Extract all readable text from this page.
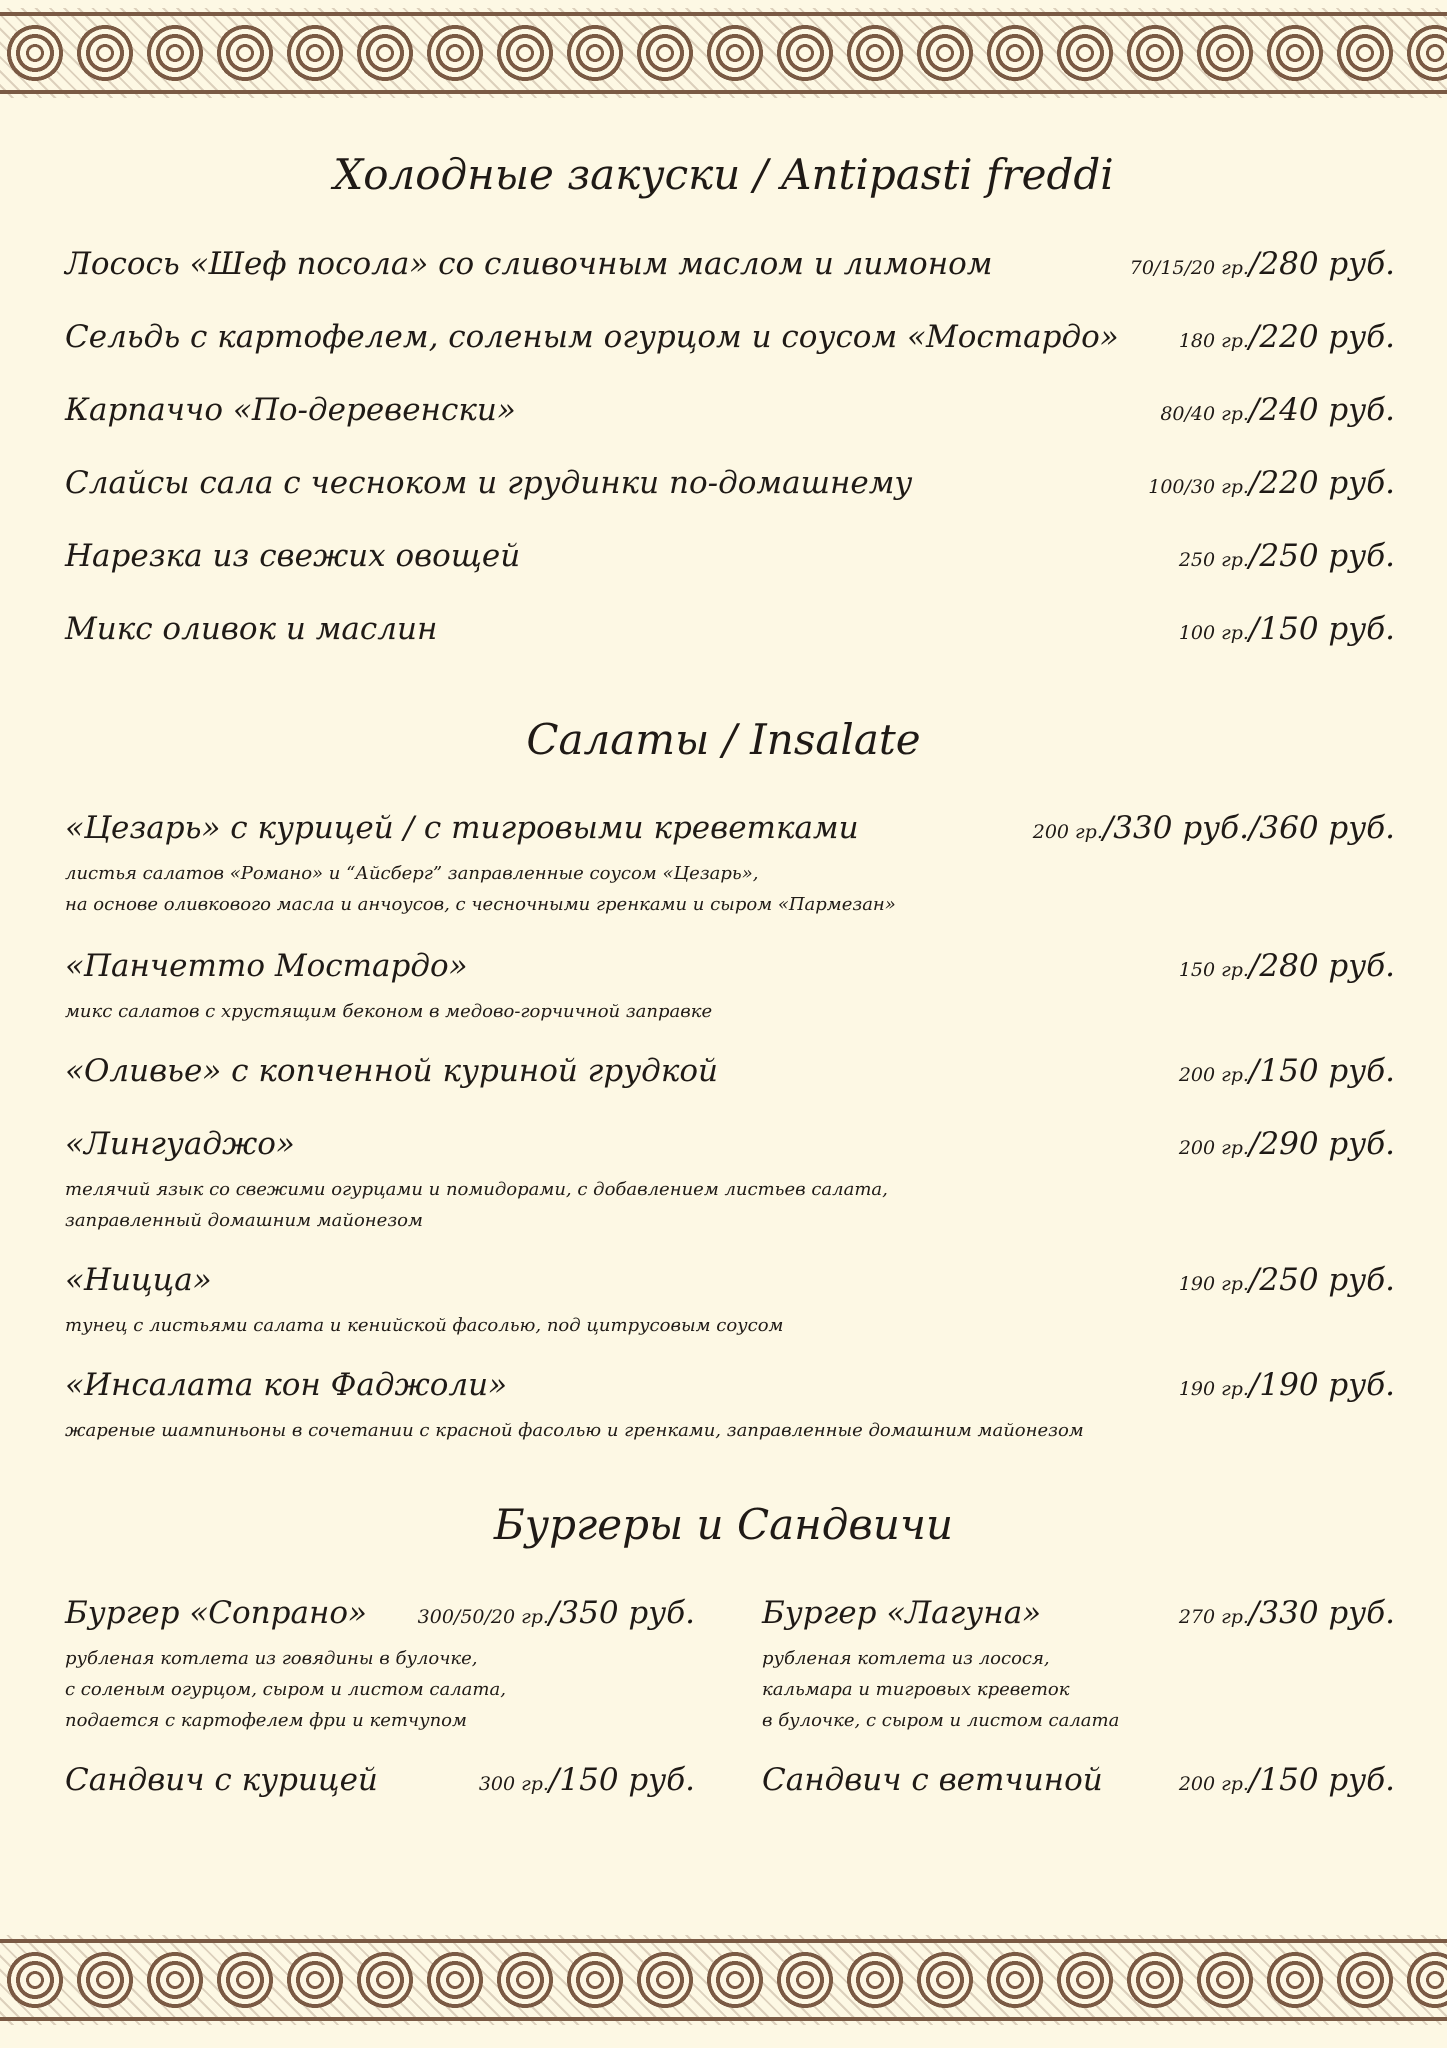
Холодные закуски / Antipasti freddi
Лосось «Шеф посола» со сливочным маслом и лимоном	70/15/20 гр./280 руб.
Сельдь с картофелем, соленым огурцом и соусом «Мостардо»	180 гр./220 руб.
Карпаччо «По-деревенски»	80/40 гр./240 руб.
Слайсы сала с чесноком и грудинки по-домашнему	100/30 гр./220 руб.
Нарезка из свежих овощей	250 гр./250 руб.
Микс оливок и маслин	100 гр./150 руб.
Салаты / Insalate
«Цезарь» с курицей / с тигровыми креветками	200 гр./330 руб./360 руб.
листья салатов «Романо» и “Айсберг” заправленные соусом «Цезарь»,
на основе оливкового масла и анчоусов, с чесночными гренками и сыром «Пармезан»
«Панчетто Мостардо»	150 гр./280 руб.
микс салатов с хрустящим беконом в медово-горчичной заправке
«Оливье» с копченной куриной грудкой	200 гр./150 руб.
«Лингуаджо»	200 гр./290 руб.
телячий язык со свежими огурцами и помидорами, с добавлением листьев салата,
заправленный домашним майонезом
«Ницца»	190 гр./250 руб.
тунец с листьями салата и кенийской фасолью, под цитрусовым соусом
«Инсалата кон Фаджоли»	190 гр./190 руб.
жареные шампиньоны в сочетании с красной фасолью и гренками, заправленные домашним майонезом
Бургеры и Сандвичи
Бургер «Сопрано»	300/50/20 гр./350 руб.
рубленая котлета из говядины в булочке,
с соленым огурцом, сыром и листом салата,
подается с картофелем фри и кетчупом
Бургер «Лагуна»	270 гр./330 руб.
рубленая котлета из лосося,
кальмара и тигровых креветок
в булочке, с сыром и листом салата
Сандвич с курицей	300 гр./150 руб. Сандвич с ветчиной	200 гр./150 руб.
